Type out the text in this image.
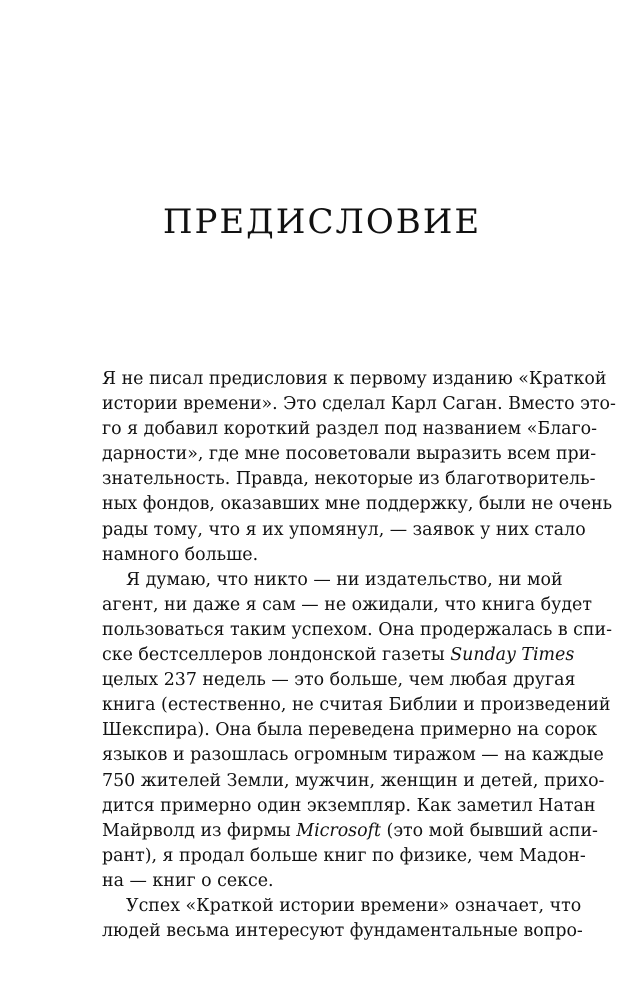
ПРЕДИСЛОВИЕ
Я не писал предисловия к первому изданию «Краткой
истории времени». Это сделал Карл Саган. Вместо это-
го я добавил короткий раздел под названием «Благо-
дарности», где мне посоветовали выразить всем при-
знательность. Правда, некоторые из благотворитель-
ных фондов, оказавших мне поддержку, были не очень
рады тому, что я их упомянул, — заявок у них стало
намного больше.
Я думаю, что никто — ни издательство, ни мой
агент, ни даже я сам — не ожидали, что книга будет
пользоваться таким успехом. Она продержалась в спи-
ске бестселлеров лондонской газеты Sunday Times
целых 237 недель — это больше, чем любая другая
книга (естественно, не считая Библии и произведений
Шекспира). Она была переведена примерно на сорок
языков и разошлась огромным тиражом — на каждые
750 жителей Земли, мужчин, женщин и детей, прихо-
дится примерно один экземпляр. Как заметил Натан
Майрволд из фирмы Microsoft (это мой бывший аспи-
рант), я продал больше книг по физике, чем Мадон-
на — книг о сексе.
Успех «Краткой истории времени» означает, что
людей весьма интересуют фундаментальные вопро-
